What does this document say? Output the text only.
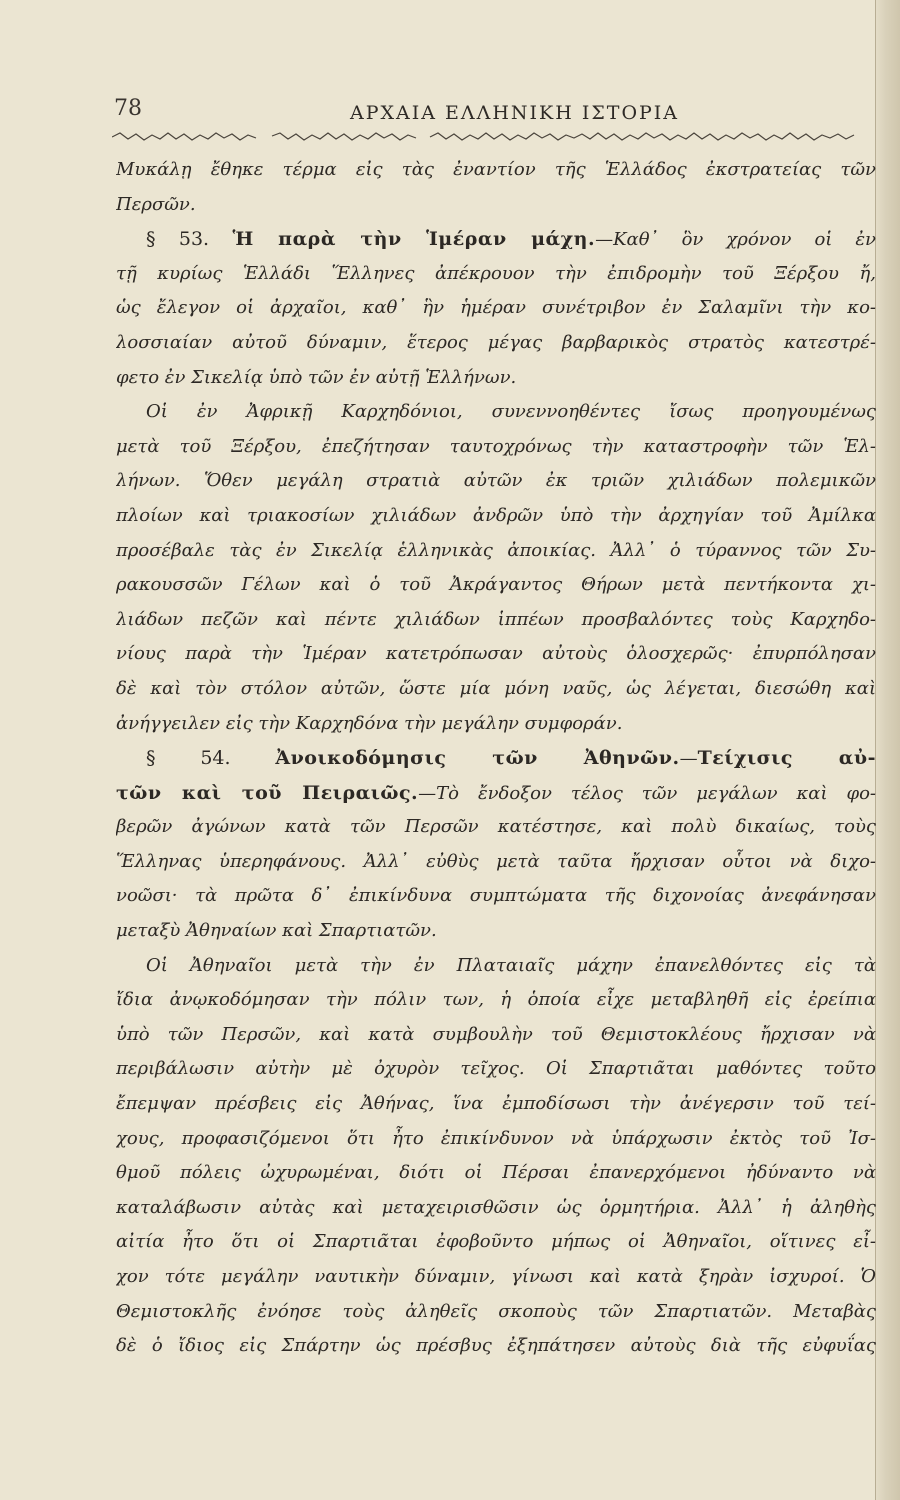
78	ΑΡΧΑΙΑ ΕΛΛΗΝΙΚΗ ΙΣΤΟΡΙΑ
Μυκάλῃ ἔθηκε τέρμα εἰς τὰς ἐναντίον τῆς Ἑλλάδος ἐκστρατείας τῶν
Περσῶν.
§ 53. Ἡ παρὰ τὴν Ἱμέραν μάχη.—Καθ᾽ ὃν χρόνον οἱ ἐν
τῇ κυρίως Ἑλλάδι Ἕλληνες ἀπέκρουον τὴν ἐπιδρομὴν τοῦ Ξέρξου ἤ,
ὡς ἔλεγον οἱ ἀρχαῖοι, καθ᾽ ἣν ἡμέραν συνέτριβον ἐν Σαλαμῖνι τὴν κο-
λοσσιαίαν αὐτοῦ δύναμιν, ἕτερος μέγας βαρβαρικὸς στρατὸς κατεστρέ-
φετο ἐν Σικελίᾳ ὑπὸ τῶν ἐν αὐτῇ Ἑλλήνων.
Οἱ ἐν Ἀφρικῇ Καρχηδόνιοι, συνεννοηθέντες ἴσως προηγουμένως
μετὰ τοῦ Ξέρξου, ἐπεζήτησαν ταυτοχρόνως τὴν καταστροφὴν τῶν Ἑλ-
λήνων. Ὅθεν μεγάλη στρατιὰ αὐτῶν ἐκ τριῶν χιλιάδων πολεμικῶν
πλοίων καὶ τριακοσίων χιλιάδων ἀνδρῶν ὑπὸ τὴν ἀρχηγίαν τοῦ Ἀμίλκα
προσέβαλε τὰς ἐν Σικελίᾳ ἑλληνικὰς ἀποικίας. Ἀλλ᾽ ὁ τύραννος τῶν Συ-
ρακουσσῶν Γέλων καὶ ὁ τοῦ Ἀκράγαντος Θήρων μετὰ πεντήκοντα χι-
λιάδων πεζῶν καὶ πέντε χιλιάδων ἱππέων προσβαλόντες τοὺς Καρχηδο-
νίους παρὰ τὴν Ἱμέραν κατετρόπωσαν αὐτοὺς ὁλοσχερῶς· ἐπυρπόλησαν
δὲ καὶ τὸν στόλον αὐτῶν, ὥστε μία μόνη ναῦς, ὡς λέγεται, διεσώθη καὶ
ἀνήγγειλεν εἰς τὴν Καρχηδόνα τὴν μεγάλην συμφοράν.
§ 54. Ἀνοικοδόμησις τῶν Ἀθηνῶν.—Τείχισις αὐ-
τῶν καὶ τοῦ Πειραιῶς.—Τὸ ἔνδοξον τέλος τῶν μεγάλων καὶ φο-
βερῶν ἀγώνων κατὰ τῶν Περσῶν κατέστησε, καὶ πολὺ δικαίως, τοὺς
Ἕλληνας ὑπερηφάνους. Ἀλλ᾽ εὐθὺς μετὰ ταῦτα ἤρχισαν οὗτοι νὰ διχο-
νοῶσι· τὰ πρῶτα δ᾽ ἐπικίνδυνα συμπτώματα τῆς διχονοίας ἀνεφάνησαν
μεταξὺ Ἀθηναίων καὶ Σπαρτιατῶν.
Οἱ Ἀθηναῖοι μετὰ τὴν ἐν Πλαταιαῖς μάχην ἐπανελθόντες εἰς τὰ
ἴδια ἀνῳκοδόμησαν τὴν πόλιν των, ἡ ὁποία εἶχε μεταβληθῆ εἰς ἐρείπια
ὑπὸ τῶν Περσῶν, καὶ κατὰ συμβουλὴν τοῦ Θεμιστοκλέους ἤρχισαν νὰ
περιβάλωσιν αὐτὴν μὲ ὀχυρὸν τεῖχος. Οἱ Σπαρτιᾶται μαθόντες τοῦτο
ἔπεμψαν πρέσβεις εἰς Ἀθήνας, ἵνα ἐμποδίσωσι τὴν ἀνέγερσιν τοῦ τεί-
χους, προφασιζόμενοι ὅτι ἦτο ἐπικίνδυνον νὰ ὑπάρχωσιν ἐκτὸς τοῦ Ἰσ-
θμοῦ πόλεις ὠχυρωμέναι, διότι οἱ Πέρσαι ἐπανερχόμενοι ἠδύναντο νὰ
καταλάβωσιν αὐτὰς καὶ μεταχειρισθῶσιν ὡς ὁρμητήρια. Ἀλλ᾽ ἡ ἀληθὴς
αἰτία ἦτο ὅτι οἱ Σπαρτιᾶται ἐφοβοῦντο μήπως οἱ Ἀθηναῖοι, οἵτινες εἶ-
χον τότε μεγάλην ναυτικὴν δύναμιν, γίνωσι καὶ κατὰ ξηρὰν ἰσχυροί. Ὁ
Θεμιστοκλῆς ἐνόησε τοὺς ἀληθεῖς σκοποὺς τῶν Σπαρτιατῶν. Μεταβὰς
δὲ ὁ ἴδιος εἰς Σπάρτην ὡς πρέσβυς ἐξηπάτησεν αὐτοὺς διὰ τῆς εὐφυΐας
